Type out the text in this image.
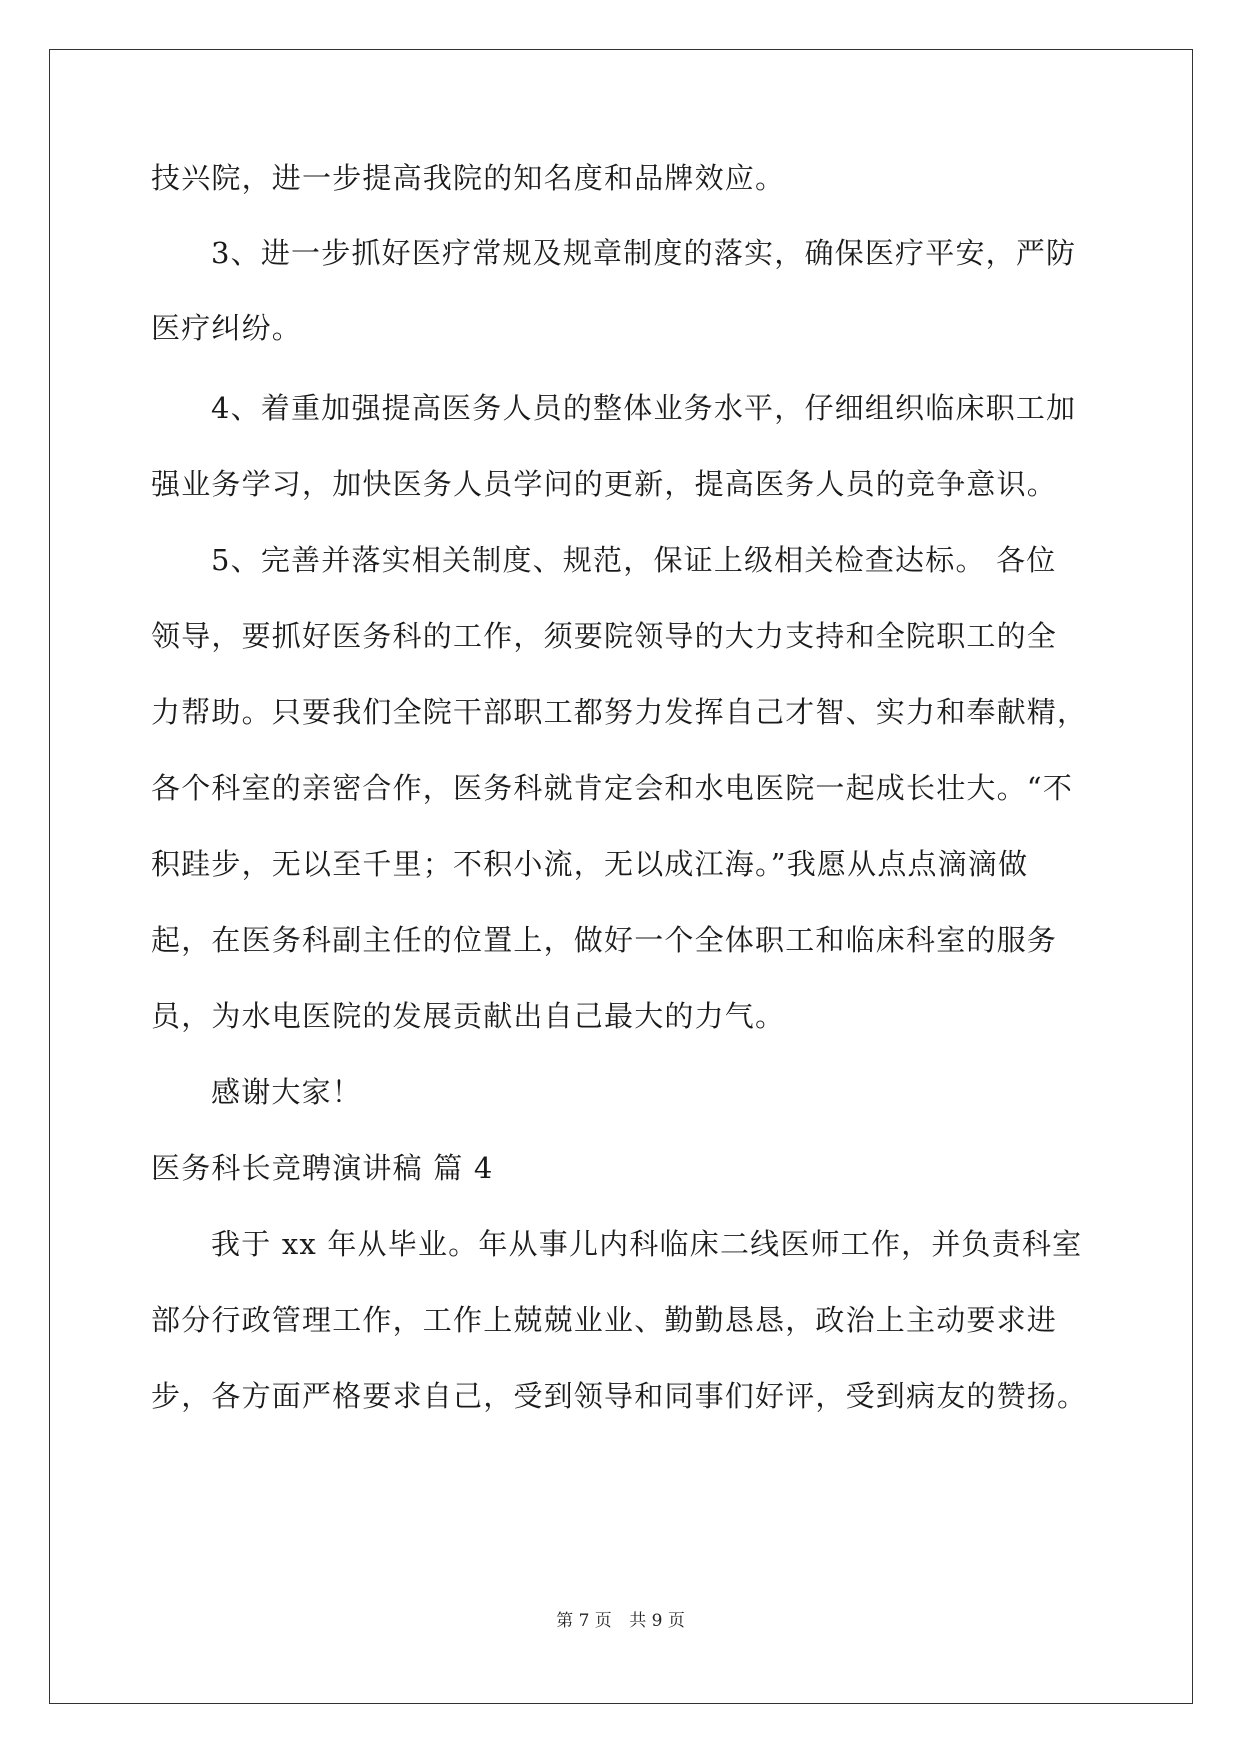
技兴院，进一步提高我院的知名度和品牌效应。
3、进一步抓好医疗常规及规章制度的落实，确保医疗平安，严防
医疗纠纷。
4、着重加强提高医务人员的整体业务水平，仔细组织临床职工加
强业务学习，加快医务人员学问的更新，提高医务人员的竞争意识。
5、完善并落实相关制度、规范，保证上级相关检查达标。 各位
领导，要抓好医务科的工作，须要院领导的大力支持和全院职工的全
力帮助。只要我们全院干部职工都努力发挥自己才智、实力和奉献精，
各个科室的亲密合作，医务科就肯定会和水电医院一起成长壮大。“不
积跬步，无以至千里；不积小流，无以成江海。”我愿从点点滴滴做
起，在医务科副主任的位置上，做好一个全体职工和临床科室的服务
员，为水电医院的发展贡献出自己最大的力气。
感谢大家！
医务科长竞聘演讲稿 篇 4
我于 xx 年从毕业。年从事儿内科临床二线医师工作，并负责科室
部分行政管理工作，工作上兢兢业业、勤勤恳恳，政治上主动要求进
步，各方面严格要求自己，受到领导和同事们好评，受到病友的赞扬。
第 7 页 共 9 页
